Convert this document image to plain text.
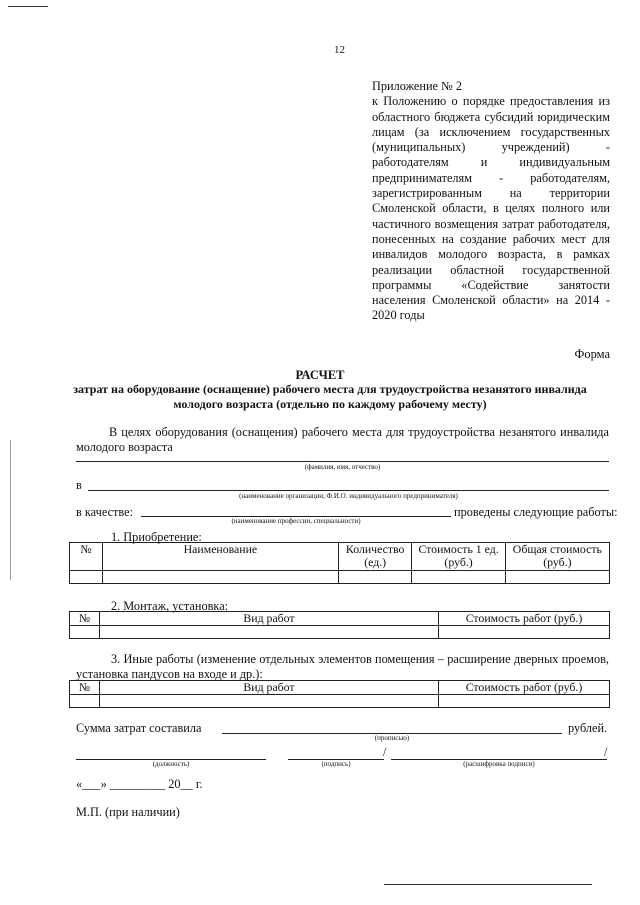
12
Приложение № 2
к Положению о порядке предоставления из областного бюджета субсидий юридическим лицам (за исключением государственных (муниципальных) учреждений) - работодателям и индивидуальным предпринимателям - работодателям, зарегистрированным на территории Смоленской области, в целях полного или частичного возмещения затрат работодателя, понесенных на создание рабочих мест для инвалидов молодого возраста, в рамках реализации областной государственной программы «Содействие занятости населения Смоленской области» на 2014 - 2020 годы
Форма
РАСЧЕТ
затрат на оборудование (оснащение) рабочего места для трудоустройства незанятого инвалида молодого возраста (отдельно по каждому рабочему месту)
В целях оборудования (оснащения) рабочего места для трудоустройства незанятого инвалида молодого возраста
(фамилия, имя, отчество)
в
(наименование организации, Ф.И.О. индивидуального предпринимателя)
в качестве:
(наименование профессии, специальности)
проведены следующие работы:
1. Приобретение:
№	Наименование	Количество (ед.)	Стоимость 1 ед. (руб.)	Общая стоимость (руб.)

2. Монтаж, установка:
№	Вид работ	Стоимость работ (руб.)

3. Иные работы (изменение отдельных элементов помещения – расширение дверных проемов, установка пандусов на входе и др.):
№	Вид работ	Стоимость работ (руб.)

Сумма затрат составила
(прописью)
рублей.
(должность)
/
(подпись)
/
(расшифровка подписи)
«___» _________ 20__ г.
М.П. (при наличии)
